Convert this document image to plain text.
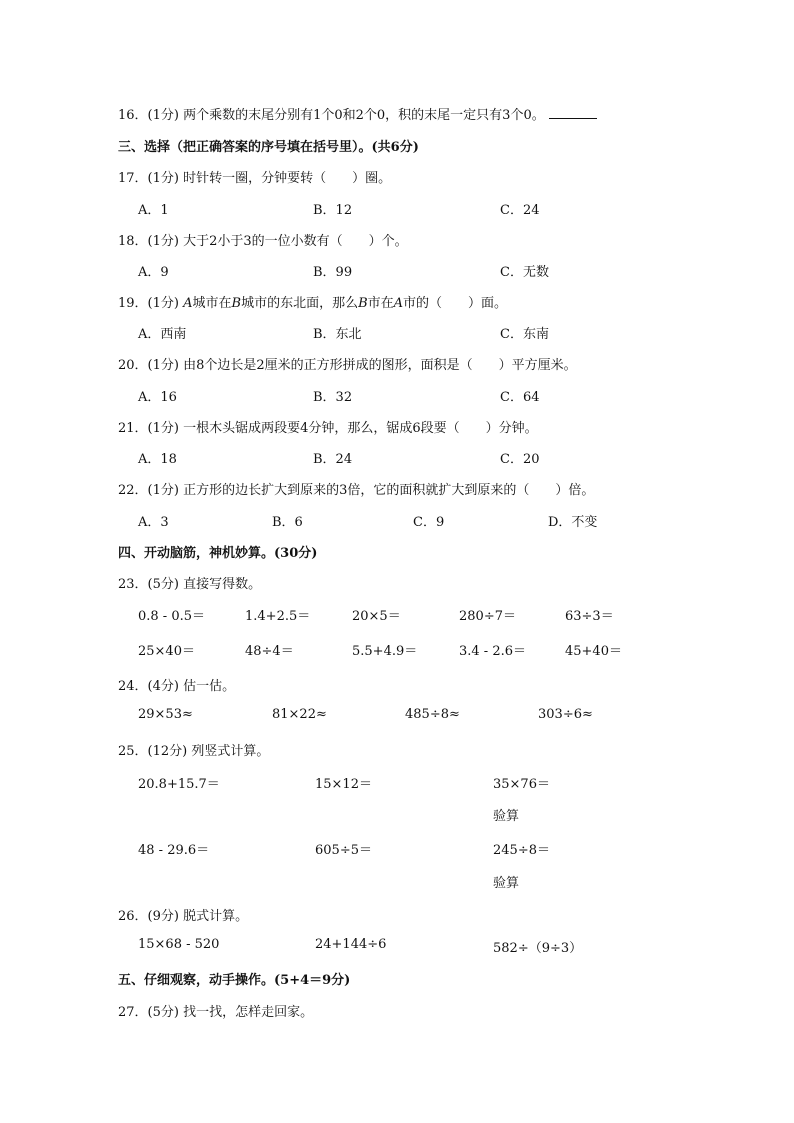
16．(1分) 两个乘数的末尾分别有1个0和2个0，积的末尾一定只有3个0。
三、选择（把正确答案的序号填在括号里）。(共6分)
17．(1分) 时针转一圈，分钟要转（　　）圈。
A．1	B．12	C．24
18．(1分) 大于2小于3的一位小数有（　　）个。
A．9	B．99	C．无数
19．(1分) A城市在B城市的东北面，那么B市在A市的（　　）面。
A．西南	B．东北	C．东南
20．(1分) 由8个边长是2厘米的正方形拼成的图形，面积是（　　）平方厘米。
A．16	B．32	C．64
21．(1分) 一根木头锯成两段要4分钟，那么，锯成6段要（　　）分钟。
A．18	B．24	C．20
22．(1分) 正方形的边长扩大到原来的3倍，它的面积就扩大到原来的（　　）倍。
A．3	B．6	C．9	D．不变
四、开动脑筋，神机妙算。(30分)
23．(5分) 直接写得数。
0.8 - 0.5＝	1.4+2.5＝	20×5＝	280÷7＝	63÷3＝
25×40＝	48÷4＝	5.5+4.9＝	3.4 - 2.6＝	45+40＝
24．(4分) 估一估。
29×53≈	81×22≈	485÷8≈	303÷6≈
25．(12分) 列竖式计算。
20.8+15.7＝	15×12＝	35×76＝
验算
48 - 29.6＝	605÷5＝	245÷8＝
验算
26．(9分) 脱式计算。
15×68 - 520	24+144÷6	582÷（9÷3）
五、仔细观察，动手操作。(5+4＝9分)
27．(5分) 找一找，怎样走回家。
